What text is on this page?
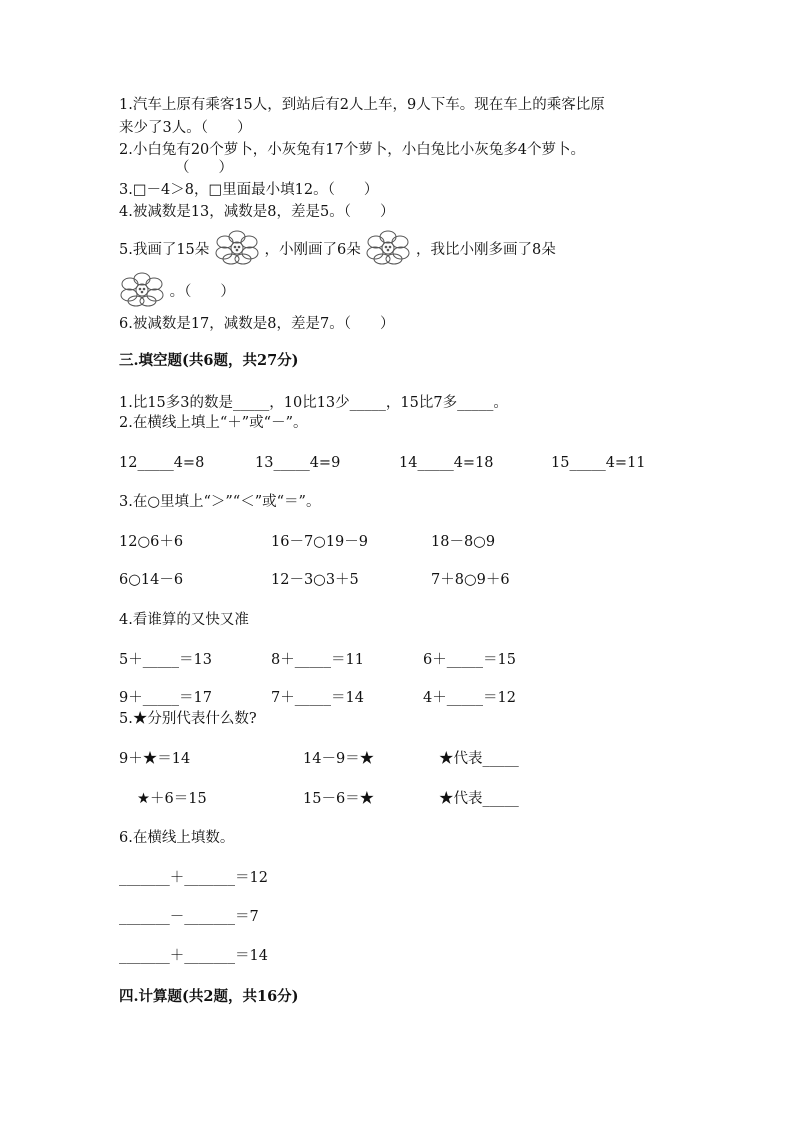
1.汽车上原有乘客15人，到站后有2人上车，9人下车。现在车上的乘客比原
来少了3人。（　　）
2.小白兔有20个萝卜，小灰兔有17个萝卜，小白兔比小灰兔多4个萝卜。
（　　）
3.□－4＞8，□里面最小填12。（　　）
4.被减数是13，减数是8，差是5。（　　）
5.我画了15朵	，小刚画了6朵	，我比小刚多画了8朵
。（　　）
6.被减数是17，减数是8，差是7。（　　）
三.填空题(共6题，共27分)
1.比15多3的数是_____，10比13少_____，15比7多_____。
2.在横线上填上“＋”或“－”。
12_____4=8	13_____4=9	14_____4=18	15_____4=11
3.在○里填上“＞”“＜”或“＝”。
12○6＋6	16－7○19－9	18－8○9
6○14－6	12－3○3＋5	7＋8○9＋6
4.看谁算的又快又准
5＋_____＝13	8＋_____＝11	6＋_____＝15
9＋_____＝17	7＋_____＝14	4＋_____＝12
5.★分别代表什么数?
9＋★＝14	14－9＝★	★代表_____
★＋6＝15	15－6＝★	★代表_____
6.在横线上填数。
_______＋_______＝12
_______－_______＝7
_______＋_______＝14
四.计算题(共2题，共16分)
